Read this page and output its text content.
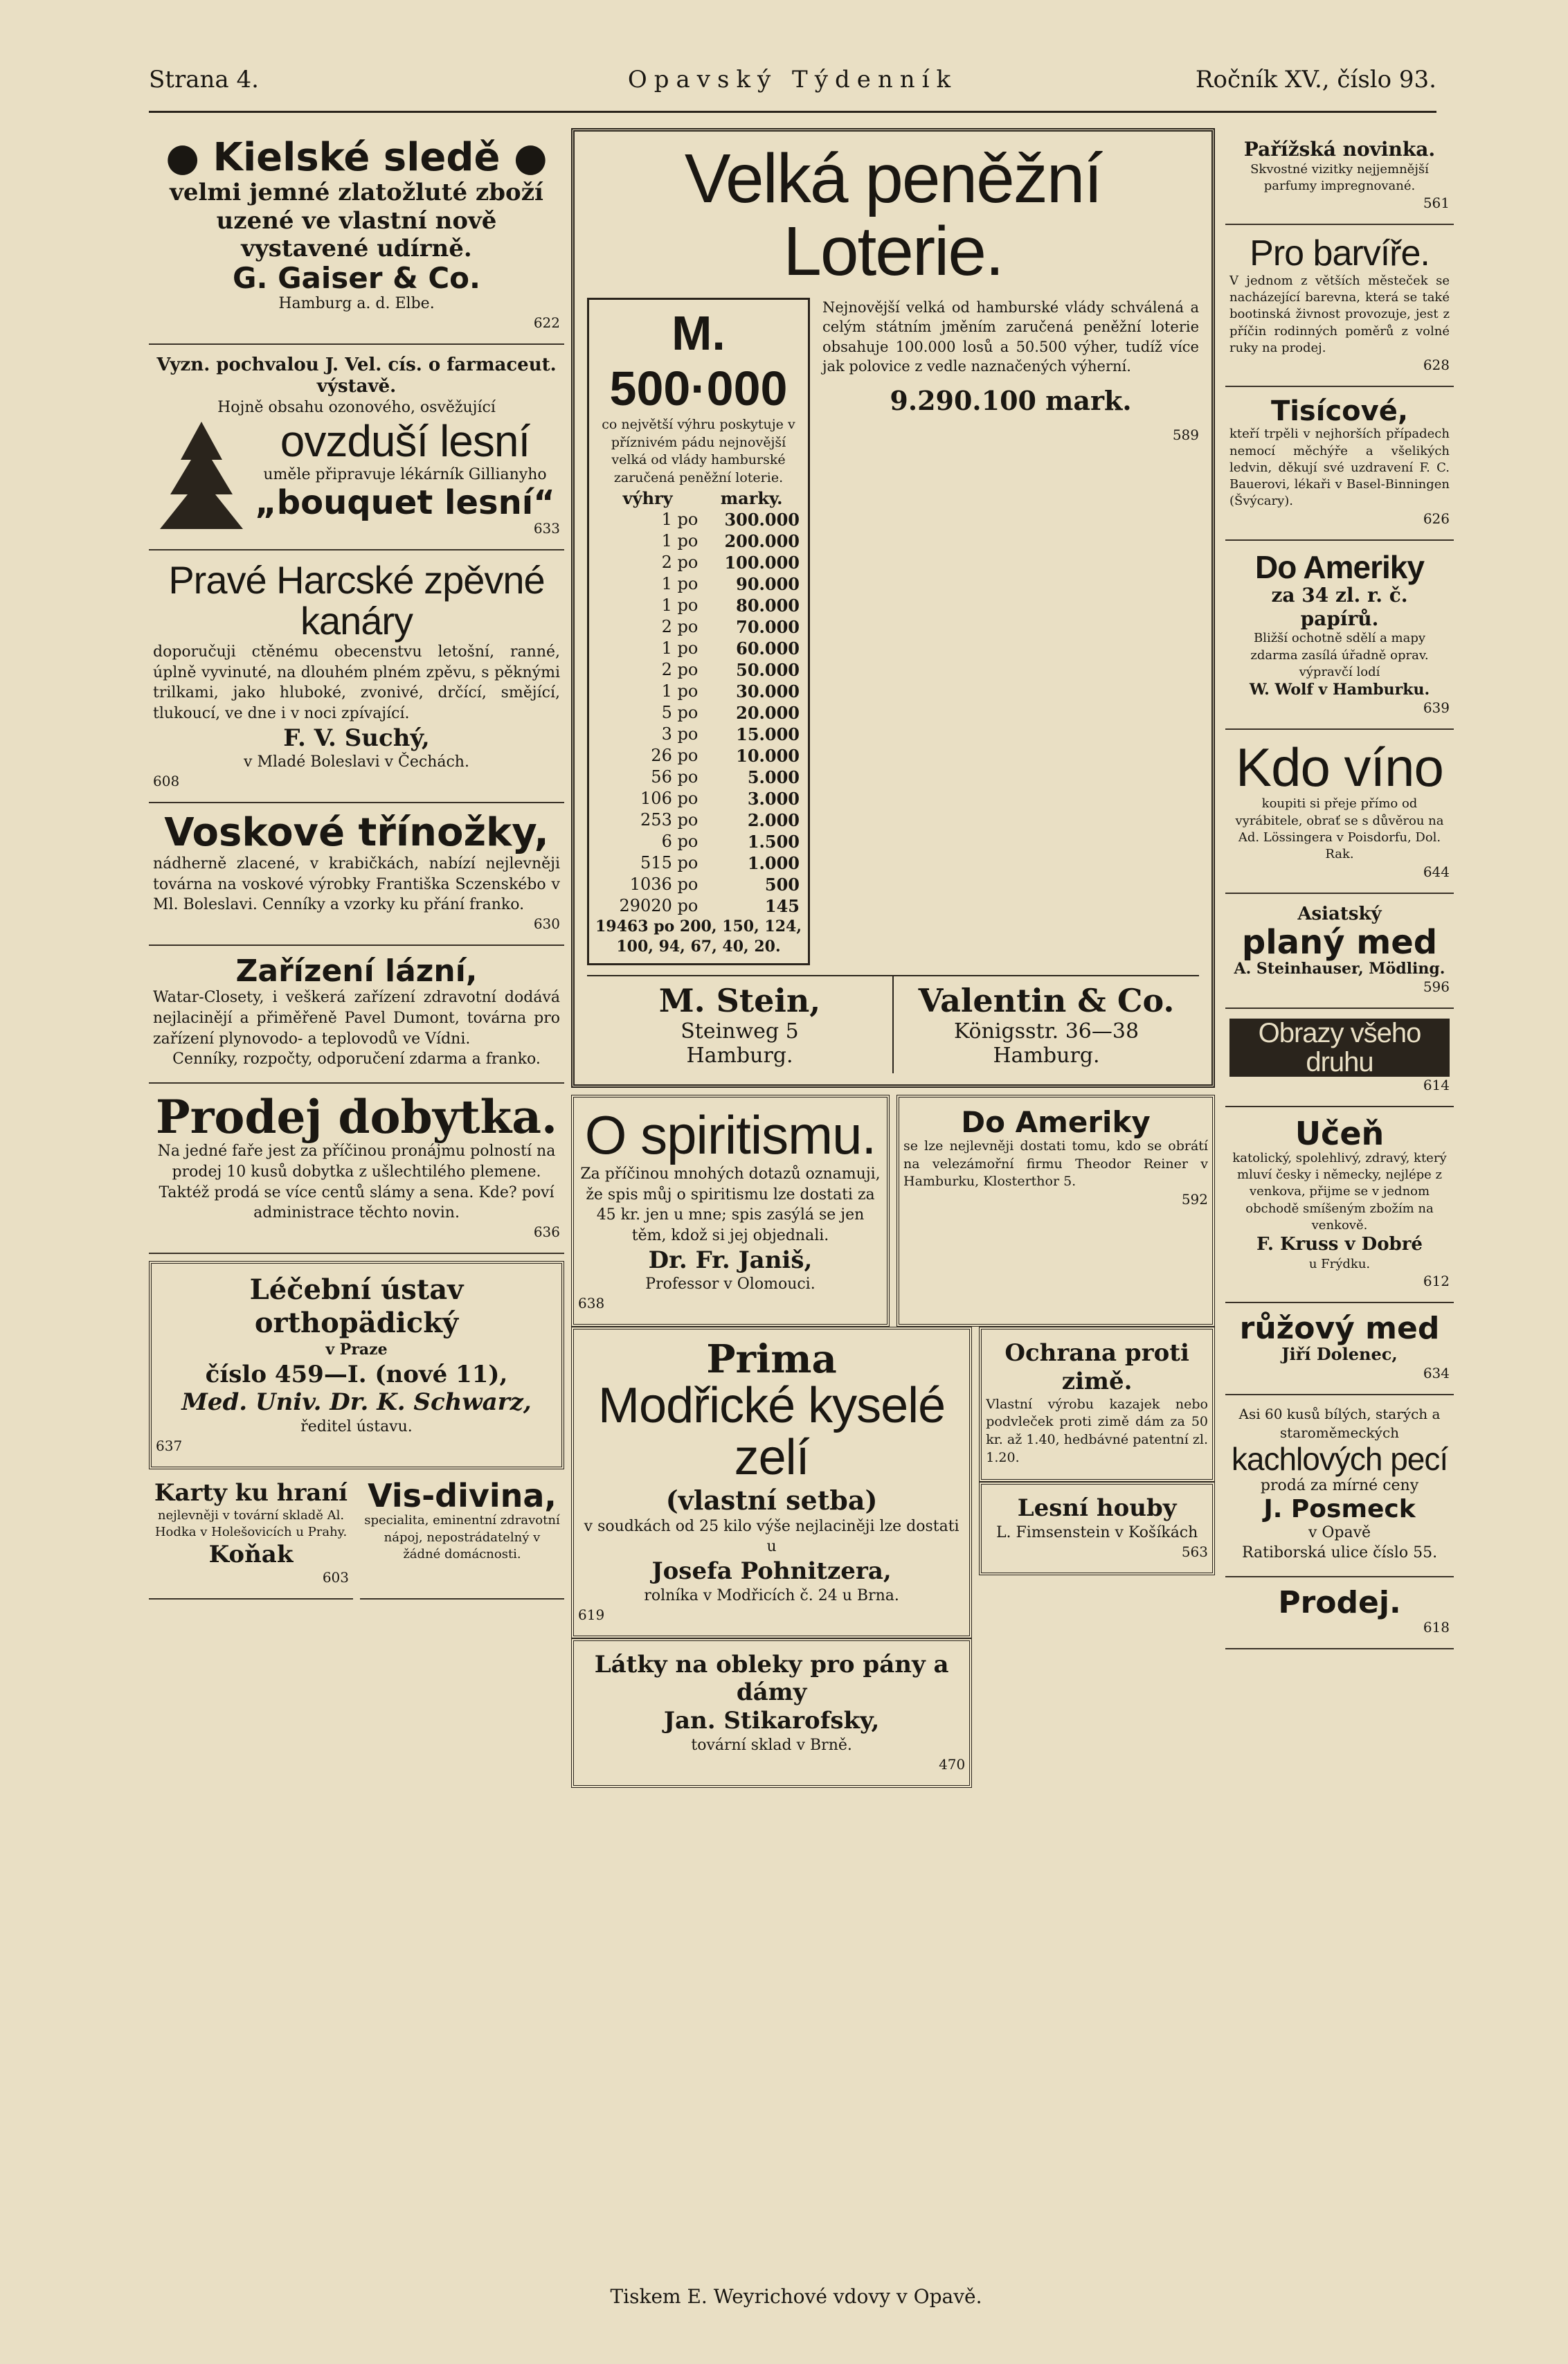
Strana 4.	Opavský Týdenník	Ročník XV., číslo 93.
● Kielské sledě ●
velmi jemné zlatožluté zboží uzené ve vlastní nově vystavené udírně.
G. Gaiser & Co.
Hamburg a. d. Elbe.
622
Vyzn. pochvalou J. Vel. cís. o farmaceut. výstavě.
Hojně obsahu ozonového, osvěžující
ovzduší lesní
uměle připravuje lékárník Gillianyho
„bouquet lesní“
633
Pravé Harcské zpěvné kanáry
doporučuji ctěnému obecenstvu letošní, ranné, úplně vyvinuté, na dlouhém plném zpěvu, s pěknými trilkami, jako hluboké, zvonivé, drčící, smějící, tlukoucí, ve dne i v noci zpívající.
F. V. Suchý,
v Mladé Boleslavi v Čechách.
608
Voskové třínožky,
nádherně zlacené, v krabičkách, nabízí nejlevněji továrna na voskové výrobky Františka Sczenskébo v Ml. Boleslavi. Cenníky a vzorky ku přání franko.
630
Zařízení lázní,
Watar-Closety, i veškerá zařízení zdravotní dodává nejlacinějí a přiměřeně Pavel Dumont, továrna pro zařízení plynovodo- a teplovodů ve Vídni.
Cenníky, rozpočty, odporučení zdarma a franko.
Prodej dobytka.
Na jedné faře jest za příčinou pronájmu polností na prodej 10 kusů dobytka z ušlechtilého plemene. Taktéž prodá se více centů slámy a sena. Kde? poví administrace těchto novin.
636
Léčební ústav orthopädický
v Praze
číslo 459—I. (nové 11),
Med. Univ. Dr. K. Schwarz,
ředitel ústavu.
637
Karty ku hraní
nejlevněji v tovární skladě Al. Hodka v Holešovicích u Prahy.
Koňak
603
Vis-divina,
specialita, eminentní zdravotní nápoj, nepostrádatelný v žádné domácnosti.
Velká peněžní Loterie.
M. 500·000
co největší výhru poskytuje v příznivém pádu nejnovější velká od vlády hamburské zaručená peněžní loterie.
výhry	marky.
1 po	300.000
1 po	200.000
2 po	100.000
1 po	90.000
1 po	80.000
2 po	70.000
1 po	60.000
2 po	50.000
1 po	30.000
5 po	20.000
3 po	15.000
26 po	10.000
56 po	5.000
106 po	3.000
253 po	2.000
6 po	1.500
515 po	1.000
1036 po	500
29020 po	145
19463 po 200, 150, 124, 100, 94, 67, 40, 20.
Nejnovější velká od hamburské vlády schválená a celým státním jměním zaručená peněžní loterie obsahuje 100.000 losů a 50.500 výher, tudíž více jak polovice z vedle naznačených výherní.
9.290.100 mark.
589
M. Stein,
Steinweg 5
Hamburg.
Valentin & Co.
Königsstr. 36—38
Hamburg.
O spiritismu.
Za příčinou mnohých dotazů oznamuji, že spis můj o spiritismu lze dostati za 45 kr. jen u mne; spis zasýlá se jen těm, kdož si jej objednali.
Dr. Fr. Janiš,
Professor v Olomouci.
638
Do Ameriky
se lze nejlevněji dostati tomu, kdo se obrátí na velezámořní firmu Theodor Reiner v Hamburku, Klosterthor 5.
592
Prima
Modřické kyselé zelí
(vlastní setba)
v soudkách od 25 kilo výše nejlaciněji lze dostati u
Josefa Pohnitzera,
rolníka v Modřicích č. 24 u Brna.
619
Látky na obleky pro pány a dámy
Jan. Stikarofsky,
tovární sklad v Brně.
470
Ochrana proti zimě.
Vlastní výrobu kazajek nebo podvleček proti zimě dám za 50 kr. až 1.40, hedbávné patentní zl. 1.20.
Lesní houby
L. Fimsenstein v Košíkách
563
Pařížská novinka.
Skvostné vizitky nejjemnější parfumy impregnované.
561
Pro barvíře.
V jednom z větších městeček se nacházející barevna, která se také bootinská živnost provozuje, jest z příčin rodinných poměrů z volné ruky na prodej.
628
Tisícové,
kteří trpěli v nejhorších případech nemocí měchýře a všelikých ledvin, děkují své uzdravení F. C. Bauerovi, lékaři v Basel-Binningen (Švýcary).
626
Do Ameriky
za 34 zl. r. č. papírů.
Bližší ochotně sdělí a mapy zdarma zasílá úřadně oprav. výpravčí lodí
W. Wolf v Hamburku.
639
Kdo víno
koupiti si přeje přímo od vyrábitele, obrať se s důvěrou na Ad. Lössingera v Poisdorfu, Dol. Rak.
644
Asiatský
planý med
A. Steinhauser, Mödling.
596
Obrazy všeho druhu
614
Učeň
katolický, spolehlivý, zdravý, který mluví česky i německy, nejlépe z venkova, přijme se v jednom obchodě smíšeným zbožím na venkově.
F. Kruss v Dobré
u Frýdku.
612
růžový med
Jiří Dolenec,
634
Asi 60 kusů bílých, starých a staroměmeckých
kachlových pecí
prodá za mírné ceny
J. Posmeck
v Opavě
Ratiborská ulice číslo 55.
Prodej.
618
Tiskem E. Weyrichové vdovy v Opavě.
